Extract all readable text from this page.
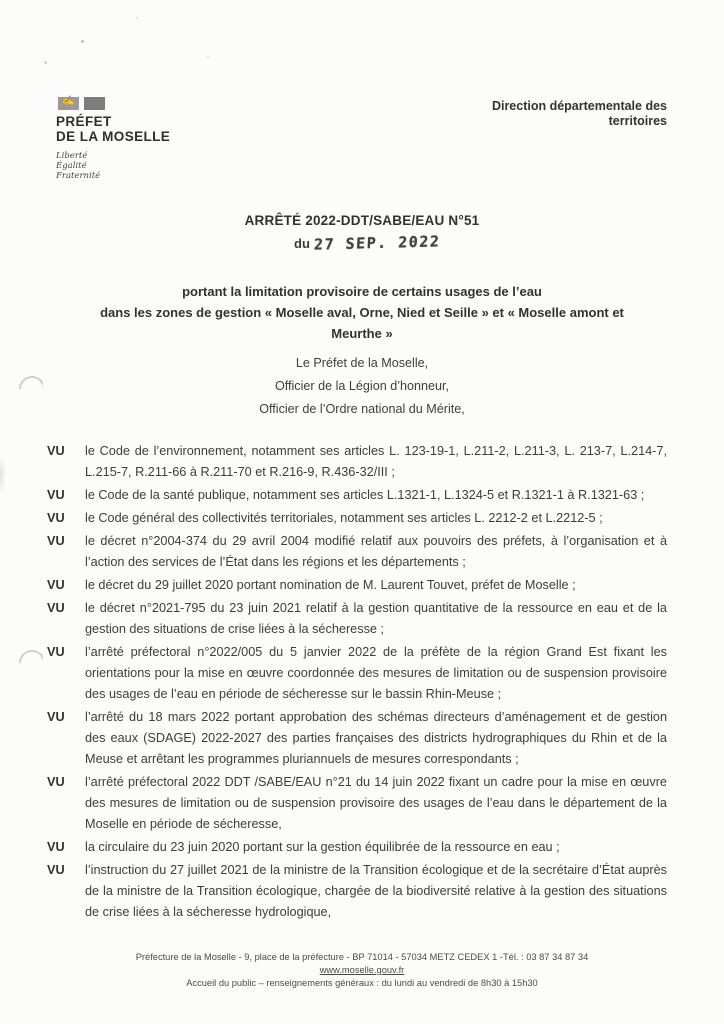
✍
PRÉFET
DE LA MOSELLE
Liberté
Égalité
Fraternité
Direction départementale des
territoires
ARRÊTÉ 2022-DDT/SABE/EAU N°51
du 27 SEP. 2022
portant la limitation provisoire de certains usages de l’eau
dans les zones de gestion « Moselle aval, Orne, Nied et Seille » et « Moselle amont et
Meurthe »
Le Préfet de la Moselle,
Officier de la Légion d’honneur,
Officier de l’Ordre national du Mérite,
VU	le Code de l’environnement, notamment ses articles L. 123-19-1, L.211-2, L.211-3, L. 213-7, L.214-7, L.215-7, R.211-66 à R.211-70 et R.216-9, R.436-32/III ;
VU	le Code de la santé publique, notamment ses articles L.1321-1, L.1324-5 et R.1321-1 à R.1321-63 ;
VU	le Code général des collectivités territoriales, notamment ses articles L. 2212-2 et L.2212-5 ;
VU	le décret n°2004-374 du 29 avril 2004 modifié relatif aux pouvoirs des préfets, à l’organisation et à l’action des services de l’État dans les régions et les départements ;
VU	le décret du 29 juillet 2020 portant nomination de M. Laurent Touvet, préfet de Moselle ;
VU	le décret n°2021-795 du 23 juin 2021 relatif à la gestion quantitative de la ressource en eau et de la gestion des situations de crise liées à la sécheresse ;
VU	l’arrêté préfectoral n°2022/005 du 5 janvier 2022 de la préfète de la région Grand Est fixant les orientations pour la mise en œuvre coordonnée des mesures de limitation ou de suspension provisoire des usages de l’eau en période de sécheresse sur le bassin Rhin-Meuse ;
VU	l’arrêté du 18 mars 2022 portant approbation des schémas directeurs d’aménagement et de gestion des eaux (SDAGE) 2022-2027 des parties françaises des districts hydrographiques du Rhin et de la Meuse et arrêtant les programmes pluriannuels de mesures correspondants ;
VU	l’arrêté préfectoral 2022 DDT /SABE/EAU n°21 du 14 juin 2022 fixant un cadre pour la mise en œuvre des mesures de limitation ou de suspension provisoire des usages de l’eau dans le département de la Moselle en période de sécheresse,
VU	la circulaire du 23 juin 2020 portant sur la gestion équilibrée de la ressource en eau ;
VU	l’instruction du 27 juillet 2021 de la ministre de la Transition écologique et de la secrétaire d’État auprès de la ministre de la Transition écologique, chargée de la biodiversité relative à la gestion des situations de crise liées à la sécheresse hydrologique,
Préfecture de la Moselle - 9, place de la préfecture - BP 71014 - 57034 METZ CEDEX 1 -Tél. : 03 87 34 87 34
www.moselle.gouv.fr
Accueil du public – renseignements généraux : du lundi au vendredi de 8h30 à 15h30
